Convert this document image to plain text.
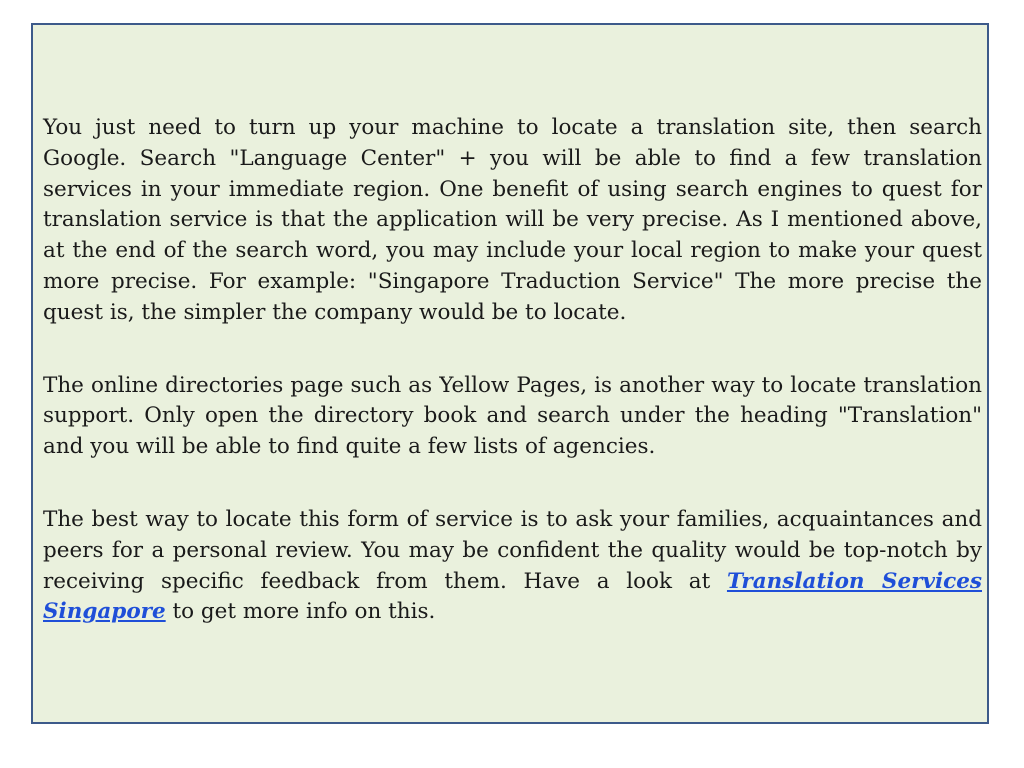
You just need to turn up your machine to locate a translation site, then search Google. Search "Language Center" + you will be able to find a few translation services in your immediate region. One benefit of using search engines to quest for translation service is that the application will be very precise. As I mentioned above, at the end of the search word, you may include your local region to make your quest more precise. For example: "Singapore Traduction Service" The more precise the quest is, the simpler the company would be to locate.

The online directories page such as Yellow Pages, is another way to locate translation support. Only open the directory book and search under the heading "Translation" and you will be able to find quite a few lists of agencies.

The best way to locate this form of service is to ask your families, acquaintances and peers for a personal review. You may be confident the quality would be top-notch by receiving specific feedback from them. Have a look at Translation Services Singapore to get more info on this.
